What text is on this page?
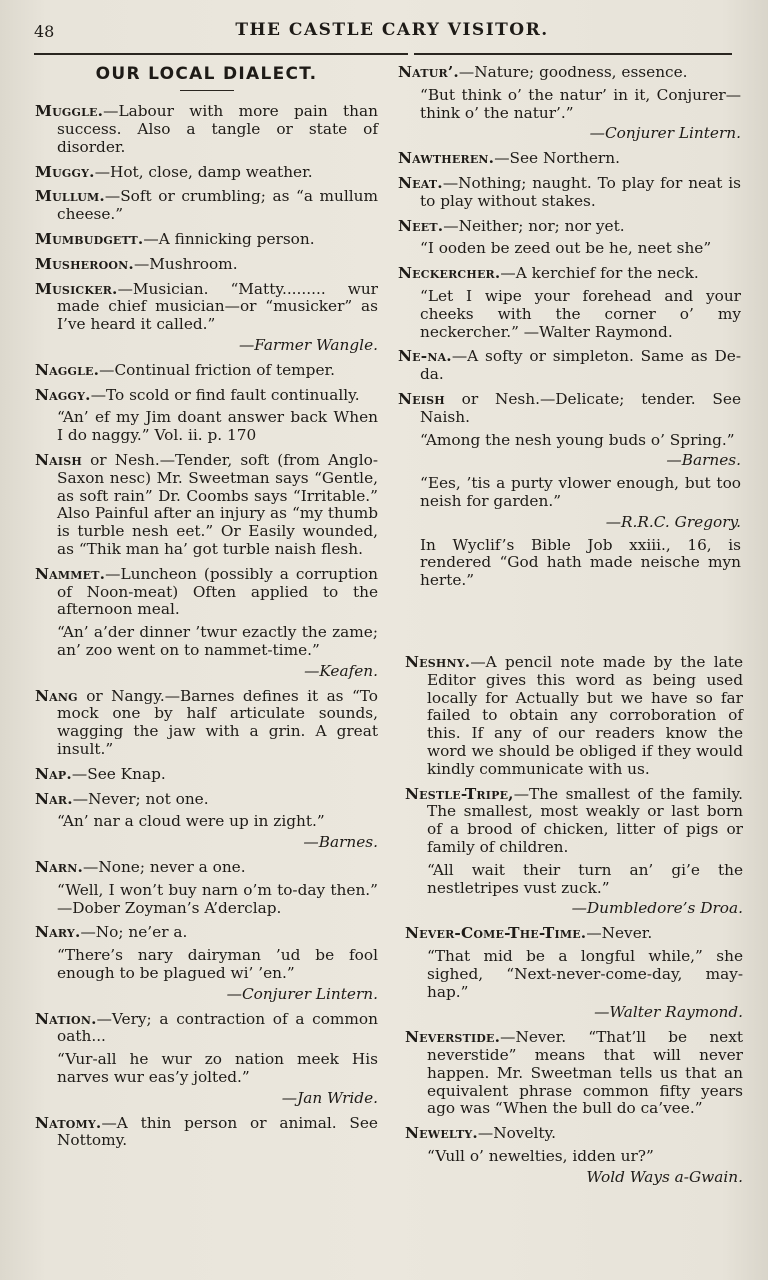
48	THE CASTLE CARY VISITOR.
OUR LOCAL DIALECT.
Muggle.—Labour with more pain than success. Also a tangle or state of disorder.
Muggy.—Hot, close, damp weather.
Mullum.—Soft or crumbling; as “a mullum cheese.”
Mumbudgett.—A finnicking person.
Musheroon.—Mushroom.
Musicker.—Musician. “Matty......... wur made chief musician—or “musicker” as I’ve heard it called.”
—Farmer Wangle.
Naggle.—Continual friction of temper.
Naggy.—To scold or find fault continually.
“An’ ef my Jim doant answer back When I do naggy.” Vol. ii. p. 170
Naish or Nesh.—Tender, soft (from Anglo-Saxon nesc) Mr. Sweetman says “Gentle, as soft rain” Dr. Coombs says “Irritable.” Also Painful after an injury as “my thumb is turble nesh eet.” Or Easily wounded, as “Thik man ha’ got turble naish flesh.
Nammet.—Luncheon (possibly a corruption of Noon-meat) Often applied to the afternoon meal.
“An’ a’der dinner ’twur ezactly the zame; an’ zoo went on to nammet-time.”
—Keafen.
Nang or Nangy.—Barnes defines it as “To mock one by half articulate sounds, wagging the jaw with a grin. A great insult.”
Nap.—See Knap.
Nar.—Never; not one.
“An’ nar a cloud were up in zight.”
—Barnes.
Narn.—None; never a one.
“Well, I won’t buy narn o’m to-day then.” —Dober Zoyman’s A’derclap.
Nary.—No; ne’er a.
“There’s nary dairyman ’ud be fool enough to be plagued wi’ ’en.”
—Conjurer Lintern.
Nation.—Very; a contraction of a common oath...
“Vur-all he wur zo nation meek His narves wur eas’y jolted.”
—Jan Wride.
Natomy.—A thin person or animal. See Nottomy.
Natur’.—Nature; goodness, essence.
“But think o’ the natur’ in it, Conjurer—think o’ the natur’.”
—Conjurer Lintern.
Nawtheren.—See Northern.
Neat.—Nothing; naught. To play for neat is to play without stakes.
Neet.—Neither; nor; nor yet.
“I ooden be zeed out be he, neet she”
Neckercher.—A kerchief for the neck.
“Let I wipe your forehead and your cheeks with the corner o’ my neckercher.” —Walter Raymond.
Ne-na.—A softy or simpleton. Same as De-da.
Neish or Nesh.—Delicate; tender. See Naish.
“Among the nesh young buds o’ Spring.”
—Barnes.
“Ees, ’tis a purty vlower enough, but too neish for garden.”
—R.R.C. Gregory.
In Wyclif’s Bible Job xxiii., 16, is rendered “God hath made neische myn herte.”
Neshny.—A pencil note made by the late Editor gives this word as being used locally for Actually but we have so far failed to obtain any corroboration of this. If any of our readers know the word we should be obliged if they would kindly communicate with us.
Nestle-Tripe,—The smallest of the family. The smallest, most weakly or last born of a brood of chicken, litter of pigs or family of children.
“All wait their turn an’ gi’e the nestletripes vust zuck.”
—Dumbledore’s Droa.
Never-Come-The-Time.—Never.
“That mid be a longful while,” she sighed, “Next-never-come-day, may-hap.”
—Walter Raymond.
Neverstide.—Never. “That’ll be next neverstide” means that will never happen. Mr. Sweetman tells us that an equivalent phrase common fifty years ago was “When the bull do ca’vee.”
Newelty.—Novelty.
“Vull o’ newelties, idden ur?”
Wold Ways a-Gwain.
